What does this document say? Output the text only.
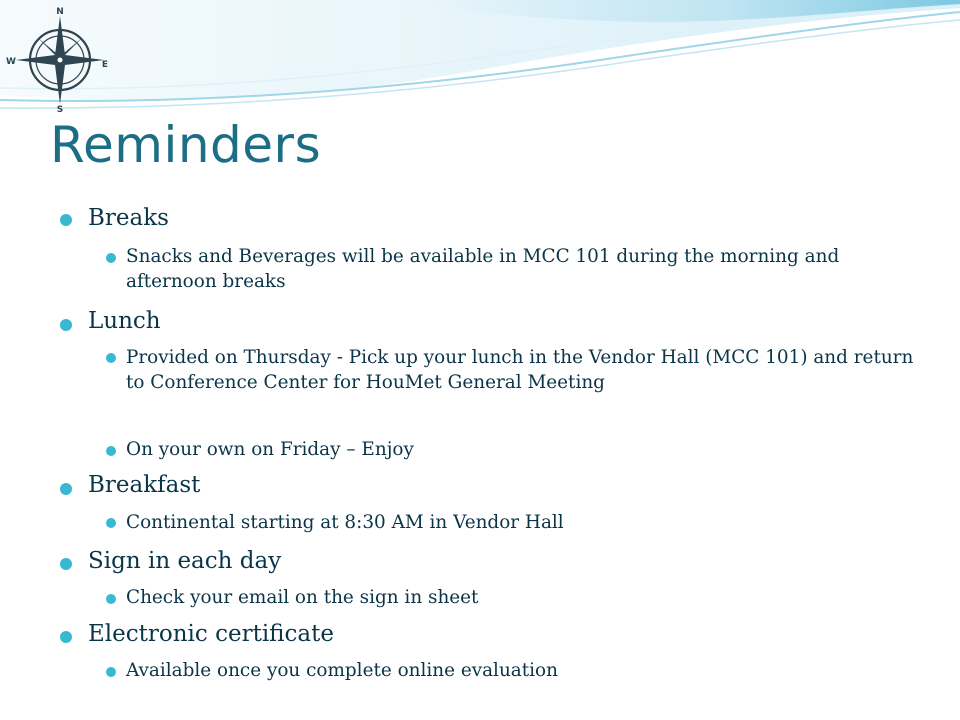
N
S
W	E
Reminders

Breaks

Snacks and Beverages will be available in MCC 101 during the morning and afternoon breaks

Lunch

Provided on Thursday - Pick up your lunch in the Vendor Hall (MCC 101) and return to Conference Center for HouMet General Meeting

On your own on Friday – Enjoy

Breakfast

Continental starting at 8:30 AM in Vendor Hall

Sign in each day

Check your email on the sign in sheet

Electronic certificate

Available once you complete online evaluation
